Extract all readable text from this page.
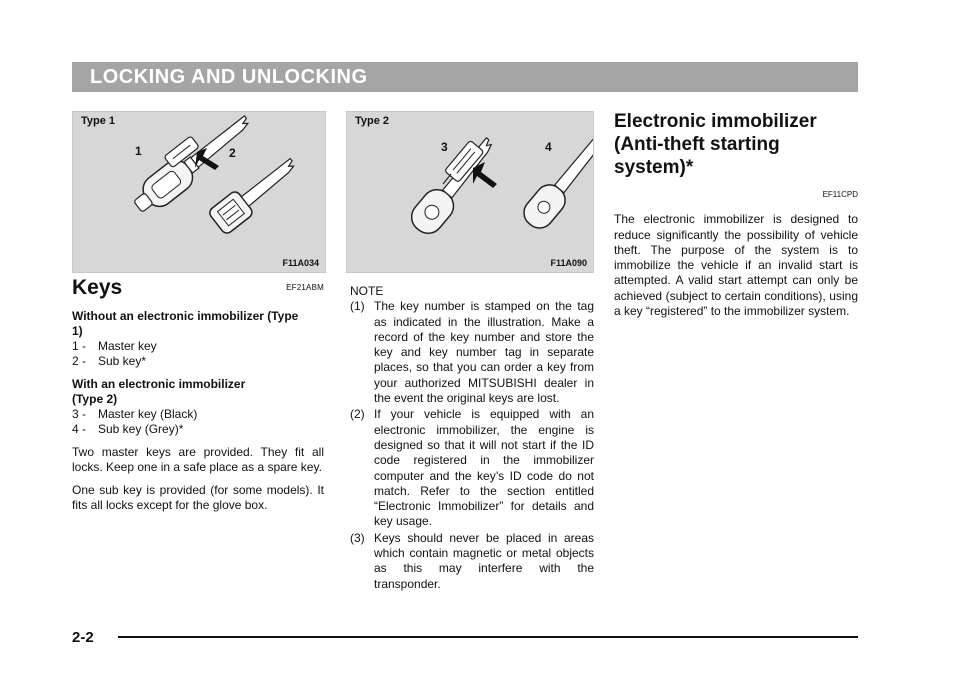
LOCKING AND UNLOCKING
Type 1
1	2
F11A034
Type 2
3	4
F11A090
Keys	EF21ABM
Without an electronic immobilizer (Type 1)
1 - Master key
2 - Sub key*
With an electronic immobilizer (Type 2)
3 - Master key (Black)
4 - Sub key (Grey)*
Two master keys are provided. They fit all locks. Keep one in a safe place as a spare key.
One sub key is provided (for some models). It fits all locks except for the glove box.
NOTE
(1) The key number is stamped on the tag as indicated in the illustration. Make a record of the key number and store the key and key number tag in separate places, so that you can order a key from your authorized MITSUBISHI dealer in the event the original keys are lost.
(2) If your vehicle is equipped with an electronic immobilizer, the engine is designed so that it will not start if the ID code registered in the immobilizer computer and the key’s ID code do not match. Refer to the section entitled “Electronic Immobilizer” for details and key usage.
(3) Keys should never be placed in areas which contain magnetic or metal objects as this may interfere with the transponder.
Electronic immobilizer
(Anti-theft starting system)*
EF11CPD
The electronic immobilizer is designed to reduce significantly the possibility of vehicle theft. The purpose of the system is to immobilize the vehicle if an invalid start is attempted. A valid start attempt can only be achieved (subject to certain conditions), using a key “registered” to the immobilizer system.
2-2
